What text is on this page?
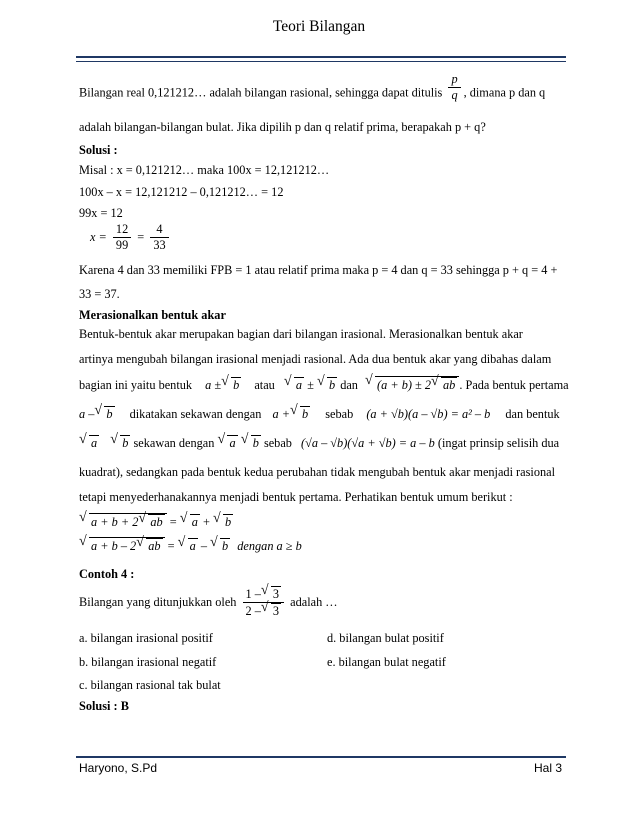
Teori Bilangan
Bilangan real 0,121212… adalah bilangan rasional, sehingga dapat ditulis $\frac{p}{q}$ , dimana p dan q
adalah bilangan-bilangan bulat. Jika dipilih p dan q relatif prima, berapakah p + q?
Solusi :
Misal : x = 0,121212… maka 100x = 12,121212…
100x – x = 12,121212 – 0,121212… = 12
99x = 12
$x = \frac{12}{99} = \frac{4}{33}$
Karena 4 dan 33 memiliki FPB = 1 atau relatif prima maka p = 4 dan q = 33 sehingga p + q = 4 +
33 = 37.
Merasionalkan bentuk akar
Bentuk-bentuk akar merupakan bagian dari bilangan irasional. Merasionalkan bentuk akar
artinya mengubah bilangan irasional menjadi rasional. Ada dua bentuk akar yang dibahas dalam
bagian ini yaitu bentuk a ± √ b atau √ a ± √ b dan √ (a + b) ± 2 √ ab . Pada bentuk pertama
a – √ b dikatakan sekawan dengan a + √ b sebab (a + √b)(a – √b) = a² – b dan bentuk
√ a √ b sekawan dengan √ a √ b sebab (√a – √b)(√a + √b) = a – b (ingat prinsip selisih dua
kuadrat), sedangkan pada bentuk kedua perubahan tidak mengubah bentuk akar menjadi rasional
tetapi menyederhanakannya menjadi bentuk pertama. Perhatikan bentuk umum berikut :
√ a + b + 2 √ ab = √ a + √ b
√ a + b – 2 √ ab = √ a – √ b dengan a ≥ b
Contoh 4 :
Bilangan yang ditunjukkan oleh $\frac{1 - √ 3}{2 - √ 3}$ adalah …
a. bilangan irasional positif
b. bilangan irasional negatif
c. bilangan rasional tak bulat
d. bilangan bulat positif
e. bilangan bulat negatif
Solusi : B
Haryono, S.Pd	Hal 3
